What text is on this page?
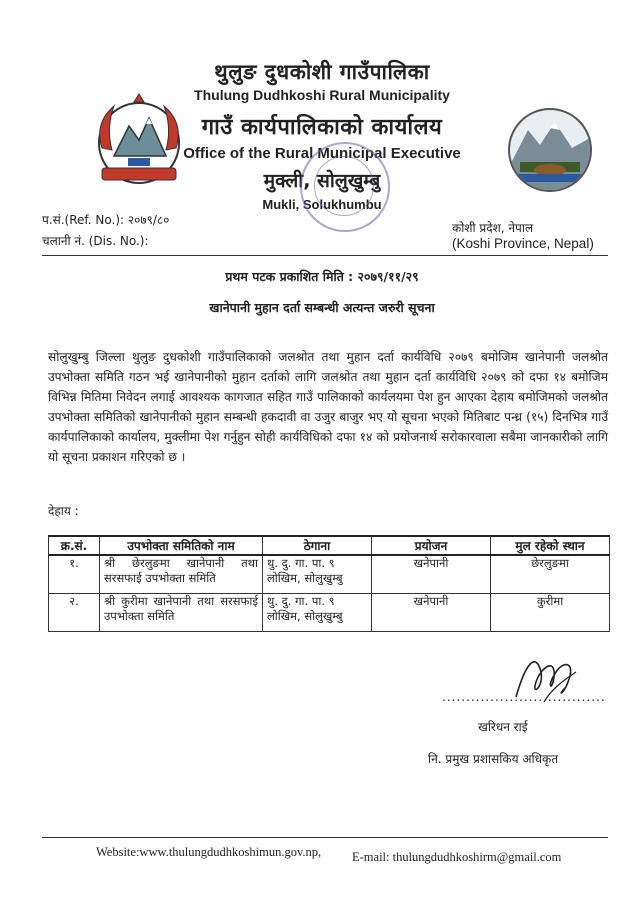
थुलुङ दुधकोशी गाउँपालिका
Thulung Dudhkoshi Rural Municipality
गाउँ कार्यपालिकाको कार्यालय
Office of the Rural Municipal Executive
मुक्ली, सोलुखुम्बु
Mukli, Solukhumbu
प.सं.(Ref. No.): २०७९/८०
चलानी नं. (Dis. No.):
कोशी प्रदेश, नेपाल
(Koshi Province, Nepal)
प्रथम पटक प्रकाशित मिति : २०७९/११/२९
खानेपानी मुहान दर्ता सम्बन्धी अत्यन्त जरुरी सूचना
सोलुखुम्बु जिल्ला थुलुङ दुधकोशी गाउँपालिकाको जलश्रोत तथा मुहान दर्ता कार्यविधि २०७९ बमोजिम खानेपानी जलश्रोत उपभोक्ता समिति गठन भई खानेपानीको मुहान दर्ताको लागि जलश्रोत तथा मुहान दर्ता कार्यविधि २०७९ को दफा १४ बमोजिम विभिन्न मितिमा निवेदन लगाई आवश्यक कागजात सहित गाउँ पालिकाको कार्यलयमा पेश हुन आएका देहाय बमोजिमको जलश्रोत उपभोक्ता समितिको खानेपानीको मुहान सम्बन्धी हकदावी वा उजुर बाजुर भए यो सूचना भएको मितिबाट पन्ध्र (१५) दिनभित्र गाउँ कार्यपालिकाको कार्यालय, मुक्लीमा पेश गर्नुहुन सोही कार्यविधिको दफा १४ को प्रयोजनार्थ सरोकारवाला सबैमा जानकारीको लागि यो सूचना प्रकाशन गरिएको छ ।
देहाय :
क्र.सं.	उपभोक्ता समितिको नाम	ठेगाना	प्रयोजन	मुल रहेको स्थान
१.	श्री छेरलुङमा खानेपानी तथा सरसफाई उपभोक्ता समिति	थु. दु. गा. पा. ९ लोखिम, सोलुखुम्बु	खनेपानी	छेरलुङमा
२.	श्री कुरीमा खानेपानी तथा सरसफाई उपभोक्ता समिति	थु. दु. गा. पा. ९ लोखिम, सोलुखुम्बु	खनेपानी	कुरीमा
..................................
खरिधन राई
नि. प्रमुख प्रशासकिय अधिकृत
Website:www.thulungdudhkoshimun.gov.np, E-mail: thulungdudhkoshirm@gmail.com
